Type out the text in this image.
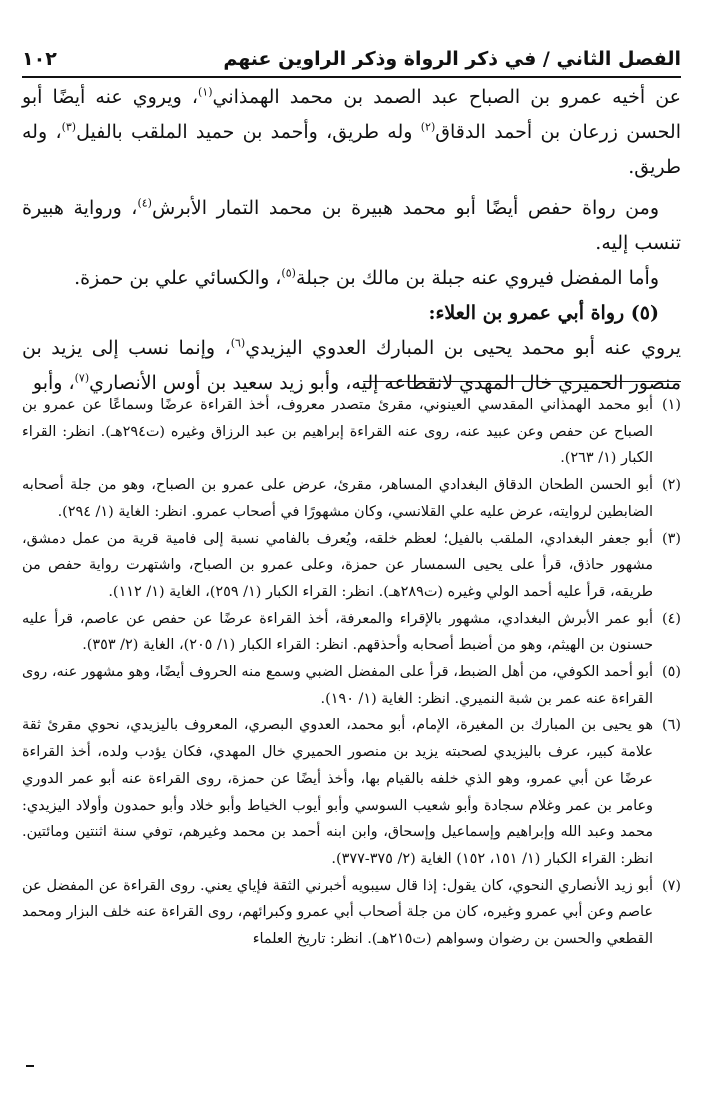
الفصل الثاني / في ذكر الرواة وذكر الراوين عنهم
١٠٢

عن أخيه عمرو بن الصباح عبد الصمد بن محمد الهمذاني$^{(١)}$، ويروي عنه أيضًا أبو الحسن زرعان بن أحمد الدقاق$^{(٢)}$ وله طريق، وأحمد بن حميد الملقب بالفيل$^{(٣)}$، وله طريق.

ومن رواة حفص أيضًا أبو محمد هبيرة بن محمد التمار الأبرش$^{(٤)}$، ورواية هبيرة تنسب إليه.

وأما المفضل فيروي عنه جبلة بن مالك بن جبلة$^{(٥)}$، والكسائي علي بن حمزة.

(٥) رواة أبي عمرو بن العلاء:

يروي عنه أبو محمد يحيى بن المبارك العدوي اليزيدي$^{(٦)}$، وإنما نسب إلى يزيد بن منصور الحميري خال المهدي لانقطاعه إليه، وأبو زيد سعيد بن أوس الأنصاري$^{(٧)}$، وأبو

(١)
أبو محمد الهمذاني المقدسي العينوني، مقرئ متصدر معروف، أخذ القراءة عرضًا وسماعًا عن عمرو بن الصباح عن حفص وعن عبيد عنه، روى عنه القراءة إبراهيم بن عبد الرزاق وغيره (ت٢٩٤هـ). انظر: القراء الكبار (١/ ٢٦٣).
(٢)
أبو الحسن الطحان الدقاق البغدادي المساهر، مقرئ، عرض على عمرو بن الصباح، وهو من جلة أصحابه الضابطين لروايته، عرض عليه علي القلانسي، وكان مشهورًا في أصحاب عمرو. انظر: الغاية (١/ ٢٩٤).
(٣)
أبو جعفر البغدادي، الملقب بالفيل؛ لعظم خلقه، ويُعرف بالفامي نسبة إلى فامية قرية من عمل دمشق، مشهور حاذق، قرأ على يحيى السمسار عن حمزة، وعلى عمرو بن الصباح، واشتهرت رواية حفص من طريقه، قرأ عليه أحمد الولي وغيره (ت٢٨٩هـ). انظر: القراء الكبار (١/ ٢٥٩)، الغاية (١/ ١١٢).
(٤)
أبو عمر الأبرش البغدادي، مشهور بالإقراء والمعرفة، أخذ القراءة عرضًا عن حفص عن عاصم، قرأ عليه حسنون بن الهيثم، وهو من أضبط أصحابه وأحذقهم. انظر: القراء الكبار (١/ ٢٠٥)، الغاية (٢/ ٣٥٣).
(٥)
أبو أحمد الكوفي، من أهل الضبط، قرأ على المفضل الضبي وسمع منه الحروف أيضًا، وهو مشهور عنه، روى القراءة عنه عمر بن شبة النميري. انظر: الغاية (١/ ١٩٠).
(٦)
هو يحيى بن المبارك بن المغيرة، الإمام، أبو محمد، العدوي البصري، المعروف باليزيدي، نحوي مقرئ ثقة علامة كبير، عرف باليزيدي لصحبته يزيد بن منصور الحميري خال المهدي، فكان يؤدب ولده، أخذ القراءة عرضًا عن أبي عمرو، وهو الذي خلفه بالقيام بها، وأخذ أيضًا عن حمزة، روى القراءة عنه أبو عمر الدوري وعامر بن عمر وغلام سجادة وأبو شعيب السوسي وأبو أيوب الخياط وأبو خلاد وأبو حمدون وأولاد اليزيدي: محمد وعبد الله وإبراهيم وإسماعيل وإسحاق، وابن ابنه أحمد بن محمد وغيرهم، توفي سنة اثنتين ومائتين. انظر: القراء الكبار (١/ ١٥١، ١٥٢) الغاية (٢/ ٣٧٥-٣٧٧).
(٧)
أبو زيد الأنصاري النحوي، كان يقول: إذا قال سيبويه أخبرني الثقة فإياي يعني. روى القراءة عن المفضل عن عاصم وعن أبي عمرو وغيره، كان من جلة أصحاب أبي عمرو وكبرائهم، روى القراءة عنه خلف البزار ومحمد القطعي والحسن بن رضوان وسواهم (ت٢١٥هـ). انظر: تاريخ العلماء
